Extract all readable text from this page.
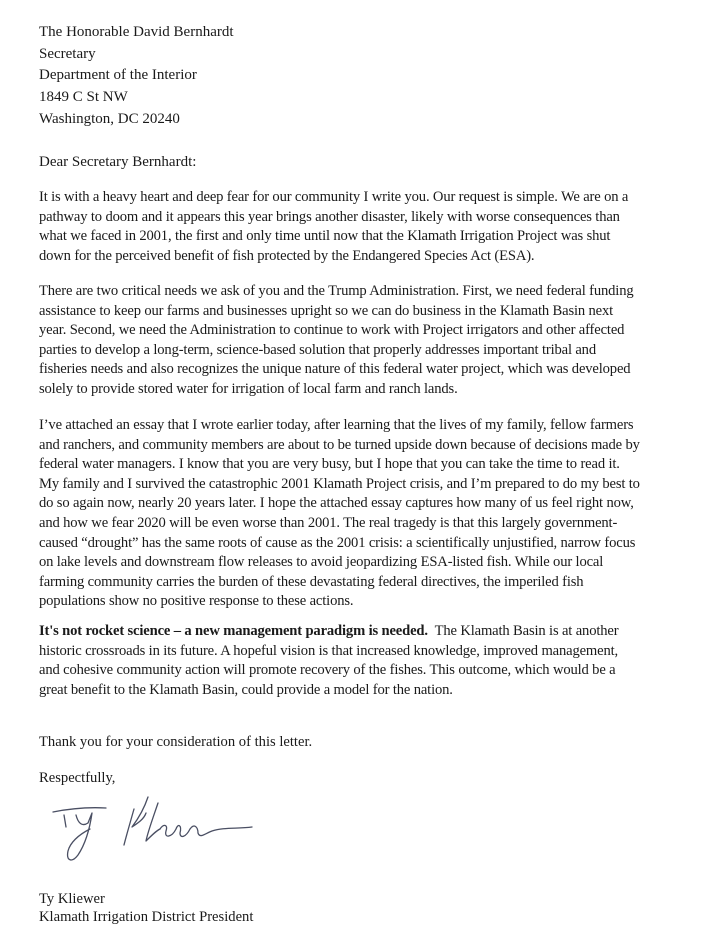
The Honorable David Bernhardt
Secretary
Department of the Interior
1849 C St NW
Washington, DC 20240
Dear Secretary Bernhardt:
It is with a heavy heart and deep fear for our community I write you. Our request is simple. We are on a
pathway to doom and it appears this year brings another disaster, likely with worse consequences than
what we faced in 2001, the first and only time until now that the Klamath Irrigation Project was shut
down for the perceived benefit of fish protected by the Endangered Species Act (ESA).
There are two critical needs we ask of you and the Trump Administration. First, we need federal funding
assistance to keep our farms and businesses upright so we can do business in the Klamath Basin next
year. Second, we need the Administration to continue to work with Project irrigators and other affected
parties to develop a long-term, science-based solution that properly addresses important tribal and
fisheries needs and also recognizes the unique nature of this federal water project, which was developed
solely to provide stored water for irrigation of local farm and ranch lands.
I’ve attached an essay that I wrote earlier today, after learning that the lives of my family, fellow farmers
and ranchers, and community members are about to be turned upside down because of decisions made by
federal water managers. I know that you are very busy, but I hope that you can take the time to read it.
My family and I survived the catastrophic 2001 Klamath Project crisis, and I’m prepared to do my best to
do so again now, nearly 20 years later. I hope the attached essay captures how many of us feel right now,
and how we fear 2020 will be even worse than 2001. The real tragedy is that this largely government-
caused “drought” has the same roots of cause as the 2001 crisis: a scientifically unjustified, narrow focus
on lake levels and downstream flow releases to avoid jeopardizing ESA-listed fish. While our local
farming community carries the burden of these devastating federal directives, the imperiled fish
populations show no positive response to these actions.
It's not rocket science – a new management paradigm is needed.  The Klamath Basin is at another
historic crossroads in its future. A hopeful vision is that increased knowledge, improved management,
and cohesive community action will promote recovery of the fishes. This outcome, which would be a
great benefit to the Klamath Basin, could provide a model for the nation.
Thank you for your consideration of this letter.
Respectfully,
Ty Kliewer
Klamath Irrigation District President
